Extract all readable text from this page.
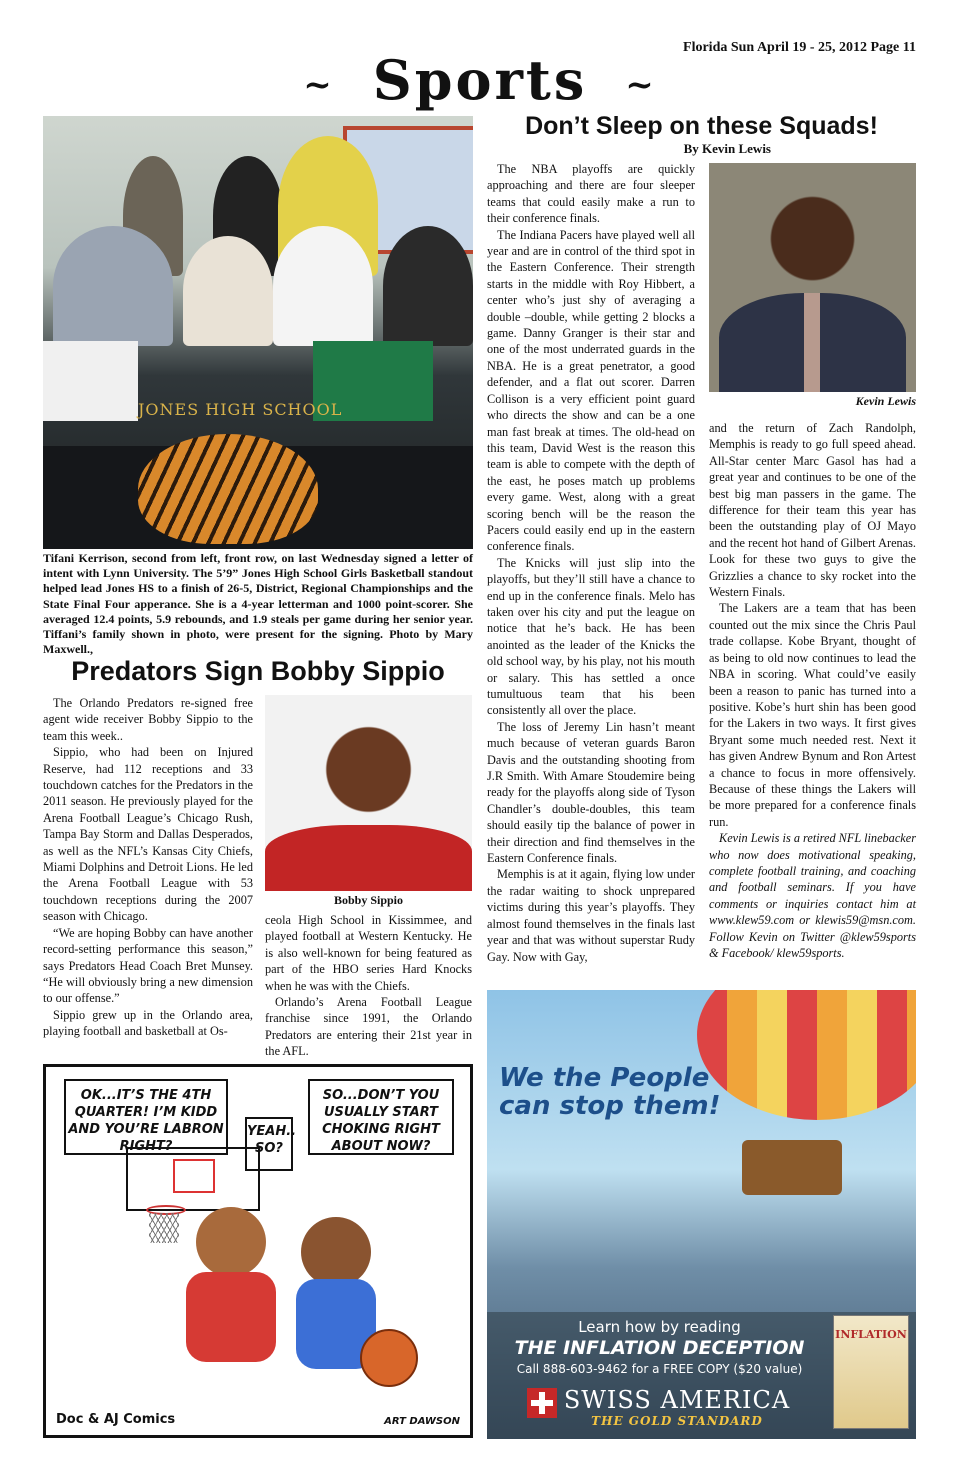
Florida Sun April 19 - 25, 2012 Page 11
~ Sports ~
JONES HIGH SCHOOL
Tifani Kerrison, second from left, front row, on last Wednesday signed a letter of intent with Lynn University. The 5’9” Jones High School Girls Basketball standout helped lead Jones HS to a finish of 26-5, District, Regional Championships and the State Final Four apperance. She is a 4-year letterman and 1000 point-scorer. She averaged 12.4 points, 5.9 rebounds, and 1.9 steals per game during her senior year. Tiffani’s family shown in photo, were present for the signing. Photo by Mary Maxwell.,
Predators Sign Bobby Sippio

The Orlando Predators re-signed free agent wide receiver Bobby Sippio to the team this week..

Sippio, who had been on Injured Reserve, had 112 receptions and 33 touchdown catches for the Predators in the 2011 season. He previously played for the Arena Football League’s Chicago Rush, Tampa Bay Storm and Dallas Desperados, as well as the NFL’s Kansas City Chiefs, Miami Dolphins and Detroit Lions. He led the Arena Football League with 53 touchdown receptions during the 2007 season with Chicago.

“We are hoping Bobby can have another record-setting performance this season,” says Predators Head Coach Bret Munsey. “He will obviously bring a new dimension to our offense.”

Sippio grew up in the Orlando area, playing football and basketball at Os-

Bobby Sippio

ceola High School in Kissimmee, and played football at Western Kentucky. He is also well-known for being featured as part of the HBO series Hard Knocks when he was with the Chiefs.

Orlando’s Arena Football League franchise since 1991, the Orlando Predators are entering their 21st year in the AFL.

Don’t Sleep on these Squads!
By Kevin Lewis

The NBA playoffs are quickly approaching and there are four sleeper teams that could easily make a run to their conference finals.

The Indiana Pacers have played well all year and are in control of the third spot in the Eastern Conference. Their strength starts in the middle with Roy Hibbert, a center who’s just shy of averaging a double –double, while getting 2 blocks a game. Danny Granger is their star and one of the most underrated guards in the NBA. He is a great penetrator, a good defender, and a flat out scorer. Darren Collison is a very efficient point guard who directs the show and can be a one man fast break at times. The old-head on this team, David West is the reason this team is able to compete with the depth of the east, he poses match up problems every game. West, along with a great scoring bench will be the reason the Pacers could easily end up in the eastern conference finals.

The Knicks will just slip into the playoffs, but they’ll still have a chance to end up in the conference finals. Melo has taken over his city and put the league on notice that he’s back. He has been anointed as the leader of the Knicks the old school way, by his play, not his mouth or salary. This has settled a once tumultuous team that his been consistently all over the place.

The loss of Jeremy Lin hasn’t meant much because of veteran guards Baron Davis and the outstanding shooting from J.R Smith. With Amare Stoudemire being ready for the playoffs along side of Tyson Chandler’s double-doubles, this team should easily tip the balance of power in their direction and find themselves in the Eastern Conference finals.

Memphis is at it again, flying low under the radar waiting to shock unprepared victims during this year’s playoffs. They almost found themselves in the finals last year and that was without superstar Rudy Gay. Now with Gay,

Kevin Lewis

and the return of Zach Randolph, Memphis is ready to go full speed ahead. All-Star center Marc Gasol has had a great year and continues to be one of the best big man passers in the game. The difference for their team this year has been the outstanding play of OJ Mayo and the recent hot hand of Gilbert Arenas. Look for these two guys to give the Grizzlies a chance to sky rocket into the Western Finals.

The Lakers are a team that has been counted out the mix since the Chris Paul trade collapse. Kobe Bryant, thought of as being to old now continues to lead the NBA in scoring. What could’ve easily been a reason to panic has turned into a positive. Kobe’s hurt shin has been good for the Lakers in two ways. It first gives Bryant some much needed rest. Next it has given Andrew Bynum and Ron Artest a chance to focus in more offensively. Because of these things the Lakers will be more prepared for a conference finals run.

Kevin Lewis is a retired NFL linebacker who now does motivational speaking, complete football training, and coaching and football seminars. If you have comments or inquiries contact him at www.klew59.com or klewis59@msn.com. Follow Kevin on Twitter @klew59sports & Facebook/ klew59sports.

OK...IT’S THE 4TH QUARTER! I’M KIDD AND YOU’RE LABRON RIGHT?
YEAH.. SO?
SO...DON’T YOU USUALLY START CHOKING RIGHT ABOUT NOW?
Doc & AJ Comics	ART DAWSON
We the People
can stop them!
Learn how by reading
THE INFLATION DECEPTION
Call 888-603-9462 for a FREE COPY ($20 value)
SWISS AMERICA
THE GOLD STANDARD
INFLATION
